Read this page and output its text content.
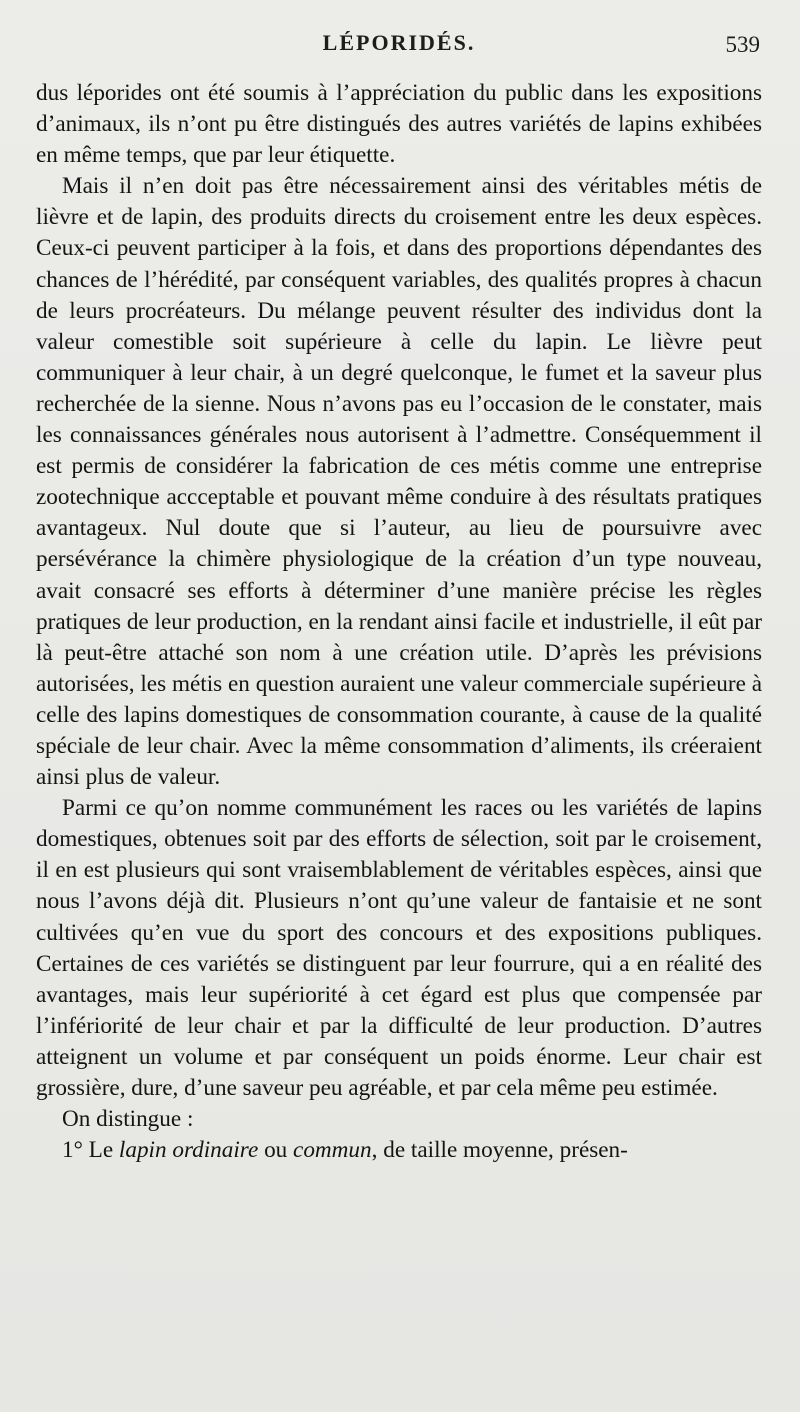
LÉPORIDÉS.	539

dus léporides ont été soumis à l’appréciation du public dans les expositions d’animaux, ils n’ont pu être distingués des autres variétés de lapins exhibées en même temps, que par leur étiquette.

Mais il n’en doit pas être nécessairement ainsi des véritables métis de lièvre et de lapin, des produits directs du croisement entre les deux espèces. Ceux-ci peuvent participer à la fois, et dans des proportions dépendantes des chances de l’hérédité, par conséquent variables, des qualités propres à chacun de leurs procréateurs. Du mélange peuvent résulter des individus dont la valeur comestible soit supérieure à celle du lapin. Le lièvre peut communiquer à leur chair, à un degré quelconque, le fumet et la saveur plus recherchée de la sienne. Nous n’avons pas eu l’occasion de le constater, mais les connaissances générales nous autorisent à l’admettre. Conséquemment il est permis de considérer la fabrication de ces métis comme une entreprise zootechnique accceptable et pouvant même conduire à des résultats pratiques avantageux. Nul doute que si l’auteur, au lieu de poursuivre avec persévérance la chimère physiologique de la création d’un type nouveau, avait consacré ses efforts à déterminer d’une manière précise les règles pratiques de leur production, en la rendant ainsi facile et industrielle, il eût par là peut-être attaché son nom à une création utile. D’après les prévisions autorisées, les métis en question auraient une valeur commerciale supérieure à celle des lapins domestiques de consommation courante, à cause de la qualité spéciale de leur chair. Avec la même consommation d’aliments, ils créeraient ainsi plus de valeur.

Parmi ce qu’on nomme communément les races ou les variétés de lapins domestiques, obtenues soit par des efforts de sélection, soit par le croisement, il en est plusieurs qui sont vraisemblablement de véritables espèces, ainsi que nous l’avons déjà dit. Plusieurs n’ont qu’une valeur de fantaisie et ne sont cultivées qu’en vue du sport des concours et des expositions publiques. Certaines de ces variétés se distinguent par leur fourrure, qui a en réalité des avantages, mais leur supériorité à cet égard est plus que compensée par l’infériorité de leur chair et par la difficulté de leur production. D’autres atteignent un volume et par conséquent un poids énorme. Leur chair est grossière, dure, d’une saveur peu agréable, et par cela même peu estimée.

On distingue :

1° Le lapin ordinaire ou commun, de taille moyenne, présen-
